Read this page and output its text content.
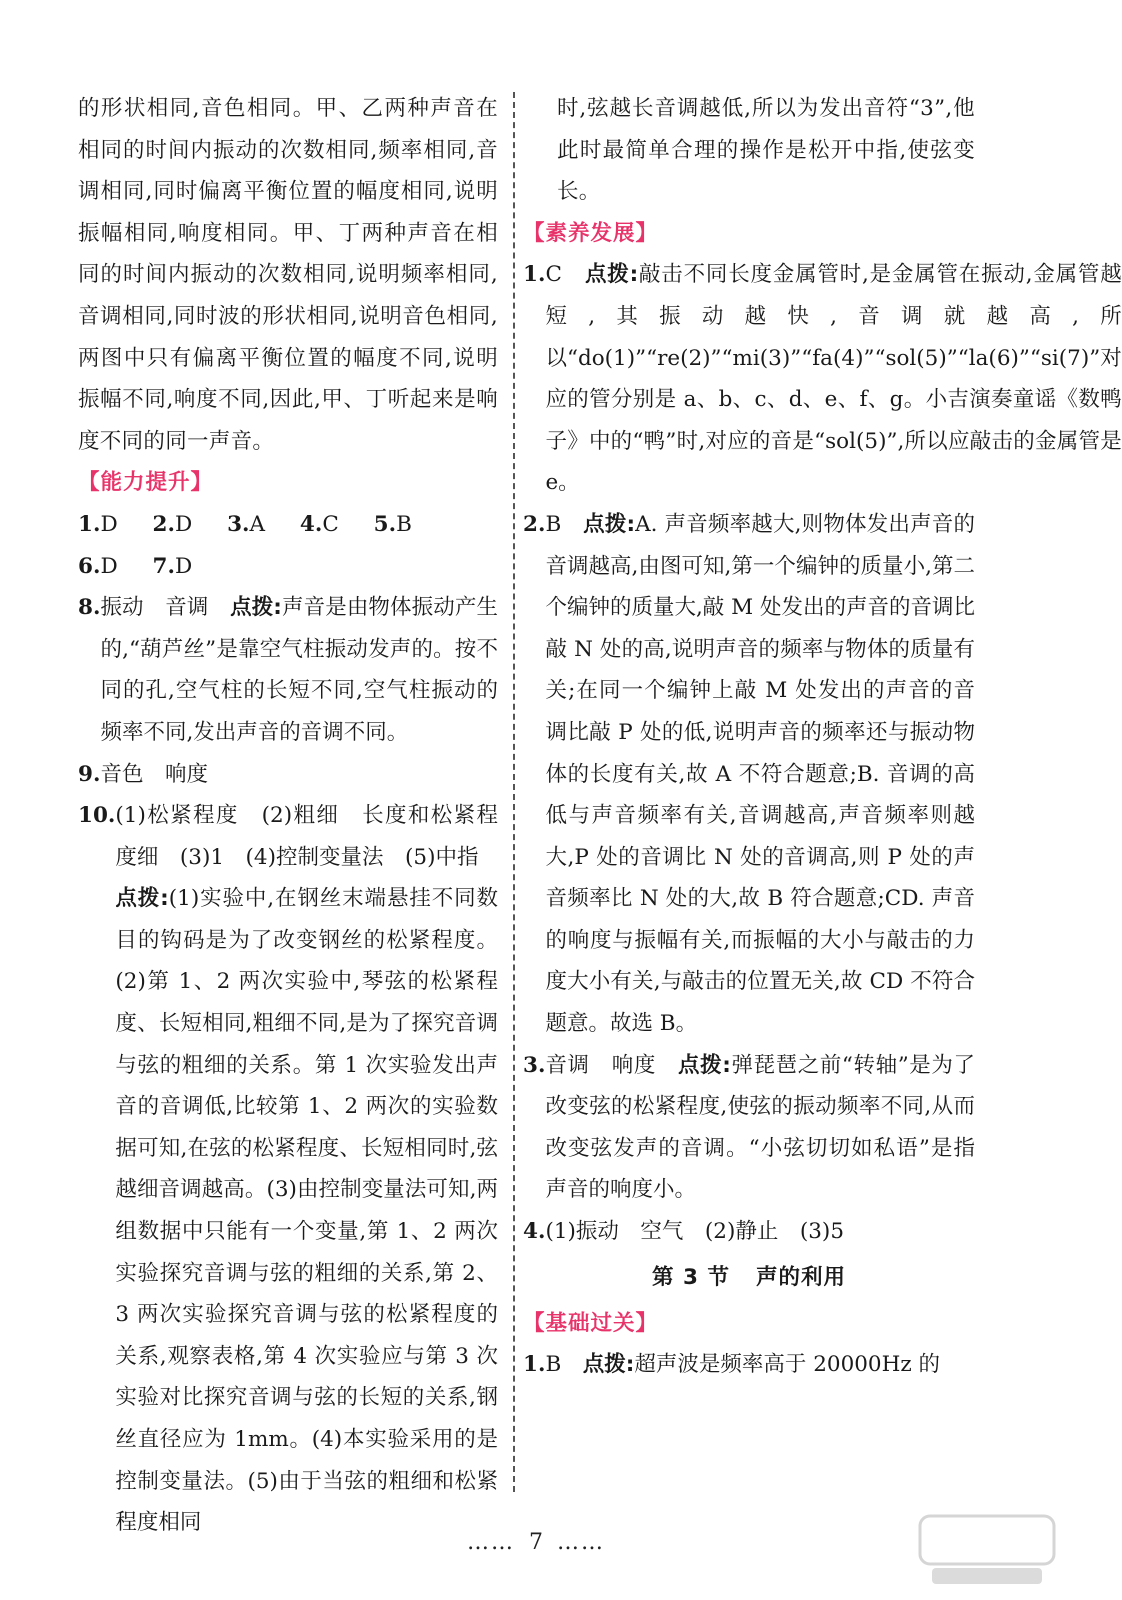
的形状相同,音色相同。甲、乙两种声音在相同的时间内振动的次数相同,频率相同,音调相同,同时偏离平衡位置的幅度相同,说明振幅相同,响度相同。甲、丁两种声音在相同的时间内振动的次数相同,说明频率相同,音调相同,同时波的形状相同,说明音色相同,两图中只有偏离平衡位置的幅度不同,说明振幅不同,响度不同,因此,甲、丁听起来是响度不同的同一声音。

【能力提升】
1.D 2.D 3.A 4.C 5.B 6.D 7.D
8. 振动　音调　点拨:声音是由物体振动产生的,“葫芦丝”是靠空气柱振动发声的。按不同的孔,空气柱的长短不同,空气柱振动的频率不同,发出声音的音调不同。
9. 音色　响度
10. (1)松紧程度　(2)粗细　长度和松紧程度细　(3)1　(4)控制变量法　(5)中指
点拨:(1)实验中,在钢丝末端悬挂不同数目的钩码是为了改变钢丝的松紧程度。(2)第 1、2 两次实验中,琴弦的松紧程度、长短相同,粗细不同,是为了探究音调与弦的粗细的关系。第 1 次实验发出声音的音调低,比较第 1、2 两次的实验数据可知,在弦的松紧程度、长短相同时,弦越细音调越高。(3)由控制变量法可知,两组数据中只能有一个变量,第 1、2 两次实验探究音调与弦的粗细的关系,第 2、3 两次实验探究音调与弦的松紧程度的关系,观察表格,第 4 次实验应与第 3 次实验对比探究音调与弦的长短的关系,钢丝直径应为 1mm。(4)本实验采用的是控制变量法。(5)由于当弦的粗细和松紧程度相同

时,弦越长音调越低,所以为发出音符“3”,他此时最简单合理的操作是松开中指,使弦变长。

【素养发展】
1. C　点拨:敲击不同长度金属管时,是金属管在振动,金属管越短,其振动越快,音调就越高,所以“do(1)”“re(2)”“mi(3)”“fa(4)”“sol(5)”“la(6)”“si(7)”对应的管分别是 a、b、c、d、e、f、g。小吉演奏童谣《数鸭子》中的“鸭”时,对应的音是“sol(5)”,所以应敲击的金属管是 e。
2. B　点拨:A. 声音频率越大,则物体发出声音的音调越高,由图可知,第一个编钟的质量小,第二个编钟的质量大,敲 M 处发出的声音的音调比敲 N 处的高,说明声音的频率与物体的质量有关;在同一个编钟上敲 M 处发出的声音的音调比敲 P 处的低,说明声音的频率还与振动物体的长度有关,故 A 不符合题意;B. 音调的高低与声音频率有关,音调越高,声音频率则越大,P 处的音调比 N 处的音调高,则 P 处的声音频率比 N 处的大,故 B 符合题意;CD. 声音的响度与振幅有关,而振幅的大小与敲击的力度大小有关,与敲击的位置无关,故 CD 不符合题意。故选 B。
3. 音调　响度　点拨:弹琵琶之前“转轴”是为了改变弦的松紧程度,使弦的振动频率不同,从而改变弦发声的音调。“小弦切切如私语”是指声音的响度小。
4. (1)振动　空气　(2)静止　(3)5
第 3 节 声的利用
【基础过关】
1. B　点拨:超声波是频率高于 20000Hz 的
…… 7 ……
